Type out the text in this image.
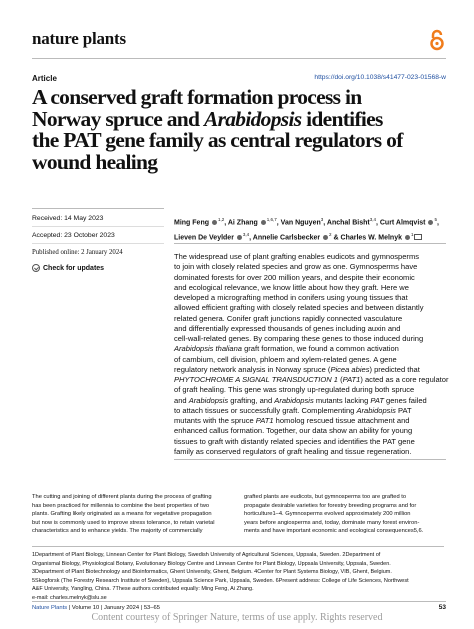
nature plants
Article	https://doi.org/10.1038/s41477-023-01568-w
A conserved graft formation process in
Norway spruce and Arabidopsis identifies
the PAT gene family as central regulators of
wound healing
Received: 14 May 2023
Accepted: 23 October 2023
Published online: 2 January 2024
Check for updates
Ming Feng $^{1,2}$, Ai Zhang $^{1,6,7}$, Van Nguyen$^3$, Anchal Bisht$^{3,4}$, Curt Almqvist $^5$,
Lieven De Veylder $^{3,4}$, Annelie Carlsbecker $^2$ & Charles W. Melnyk $^1$
The widespread use of plant grafting enables eudicots and gymnosperms
to join with closely related species and grow as one. Gymnosperms have
dominated forests for over 200 million years, and despite their economic
and ecological relevance, we know little about how they graft. Here we
developed a micrografting method in conifers using young tissues that
allowed efficient grafting with closely related species and between distantly
related genera. Conifer graft junctions rapidly connected vasculature
and differentially expressed thousands of genes including auxin and
cell-wall-related genes. By comparing these genes to those induced during
Arabidopsis thaliana graft formation, we found a common activation
of cambium, cell division, phloem and xylem-related genes. A gene
regulatory network analysis in Norway spruce (Picea abies) predicted that
PHYTOCHROME A SIGNAL TRANSDUCTION 1 (PAT1) acted as a core regulator
of graft healing. This gene was strongly up-regulated during both spruce
and Arabidopsis grafting, and Arabidopsis mutants lacking PAT genes failed
to attach tissues or successfully graft. Complementing Arabidopsis PAT
mutants with the spruce PAT1 homolog rescued tissue attachment and
enhanced callus formation. Together, our data show an ability for young
tissues to graft with distantly related species and identifies the PAT gene
family as conserved regulators of graft healing and tissue regeneration.
The cutting and joining of different plants during the process of grafting
has been practiced for millennia to combine the best properties of two
plants. Grafting likely originated as a means for vegetative propagation
but now is commonly used to improve stress tolerance, to retain varietal
characteristics and to enhance yields. The majority of commercially
grafted plants are eudicots, but gymnosperms too are grafted to
propagate desirable varieties for forestry breeding programs and for
horticulture1–4. Gymnosperms evolved approximately 200 million
years before angiosperms and, today, dominate many forest environ-
ments and have important economic and ecological consequences5,6.
1Department of Plant Biology, Linnean Center for Plant Biology, Swedish University of Agricultural Sciences, Uppsala, Sweden. 2Department of
Organismal Biology, Physiological Botany, Evolutionary Biology Centre and Linnean Centre for Plant Biology, Uppsala University, Uppsala, Sweden.
3Department of Plant Biotechnology and Bioinformatics, Ghent University, Ghent, Belgium. 4Center for Plant Systems Biology, VIB, Ghent, Belgium.
5Skogforsk (The Forestry Research Institute of Sweden), Uppsala Science Park, Uppsala, Sweden. 6Present address: College of Life Sciences, Northwest
A&F University, Yangling, China. 7These authors contributed equally: Ming Feng, Ai Zhang.
e-mail: charles.melnyk@slu.se
Nature Plants | Volume 10 | January 2024 | 53–65	53
Content courtesy of Springer Nature, terms of use apply. Rights reserved
